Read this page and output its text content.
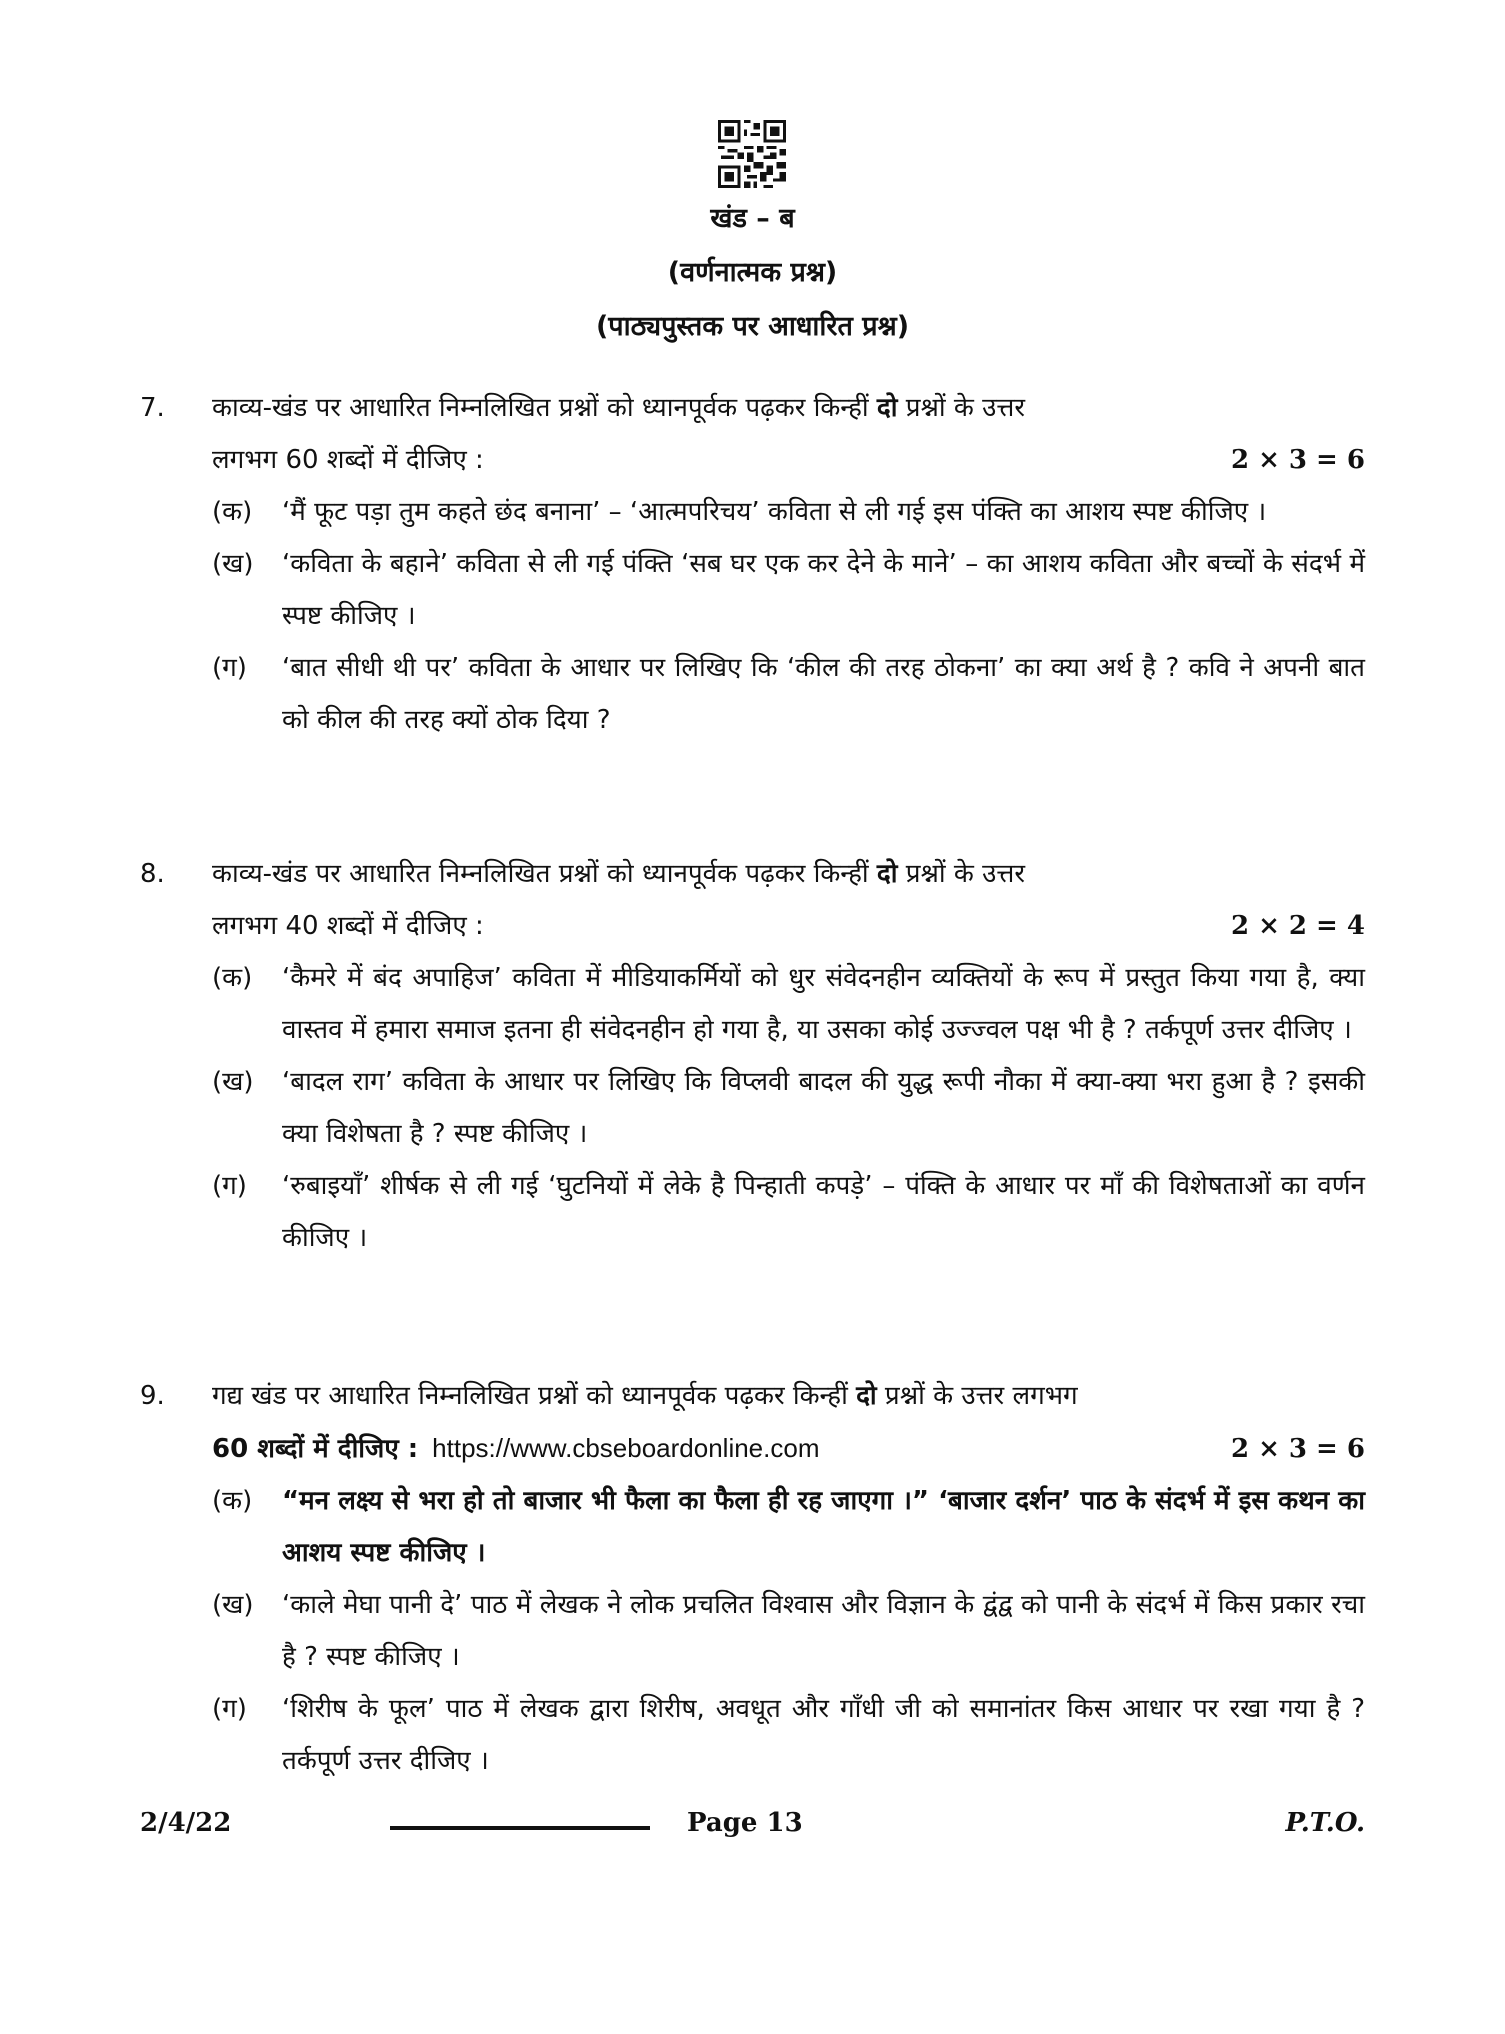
खंड – ब
(वर्णनात्मक प्रश्न)
(पाठ्यपुस्तक पर आधारित प्रश्न)
7. काव्य-खंड पर आधारित निम्नलिखित प्रश्नों को ध्यानपूर्वक पढ़कर किन्हीं दो प्रश्नों के उत्तर
लगभग 60 शब्दों में दीजिए :	2 × 3 = 6
(क) ‘मैं फूट पड़ा तुम कहते छंद बनाना’ – ‘आत्मपरिचय’ कविता से ली गई इस पंक्ति का आशय स्पष्ट कीजिए ।
(ख) ‘कविता के बहाने’ कविता से ली गई पंक्ति ‘सब घर एक कर देने के माने’ – का आशय कविता और बच्चों के संदर्भ में स्पष्ट कीजिए ।
(ग) ‘बात सीधी थी पर’ कविता के आधार पर लिखिए कि ‘कील की तरह ठोकना’ का क्या अर्थ है ? कवि ने अपनी बात को कील की तरह क्यों ठोक दिया ?
8. काव्य-खंड पर आधारित निम्नलिखित प्रश्नों को ध्यानपूर्वक पढ़कर किन्हीं दो प्रश्नों के उत्तर
लगभग 40 शब्दों में दीजिए :	2 × 2 = 4
(क) ‘कैमरे में बंद अपाहिज’ कविता में मीडियाकर्मियों को धुर संवेदनहीन व्यक्तियों के रूप में प्रस्तुत किया गया है, क्या वास्तव में हमारा समाज इतना ही संवेदनहीन हो गया है, या उसका कोई उज्ज्वल पक्ष भी है ? तर्कपूर्ण उत्तर दीजिए ।
(ख) ‘बादल राग’ कविता के आधार पर लिखिए कि विप्लवी बादल की युद्ध रूपी नौका में क्या-क्या भरा हुआ है ? इसकी क्या विशेषता है ? स्पष्ट कीजिए ।
(ग) ‘रुबाइयाँ’ शीर्षक से ली गई ‘घुटनियों में लेके है पिन्हाती कपड़े’ – पंक्ति के आधार पर माँ की विशेषताओं का वर्णन कीजिए ।
9. गद्य खंड पर आधारित निम्नलिखित प्रश्नों को ध्यानपूर्वक पढ़कर किन्हीं दो प्रश्नों के उत्तर लगभग
60 शब्दों में दीजिए : https://www.cbseboardonline.com	2 × 3 = 6
(क) “मन लक्ष्य से भरा हो तो बाजार भी फैला का फैला ही रह जाएगा ।” ‘बाजार दर्शन’ पाठ के संदर्भ में इस कथन का आशय स्पष्ट कीजिए ।
(ख) ‘काले मेघा पानी दे’ पाठ में लेखक ने लोक प्रचलित विश्वास और विज्ञान के द्वंद्व को पानी के संदर्भ में किस प्रकार रचा है ? स्पष्ट कीजिए ।
(ग) ‘शिरीष के फूल’ पाठ में लेखक द्वारा शिरीष, अवधूत और गाँधी जी को समानांतर किस आधार पर रखा गया है ? तर्कपूर्ण उत्तर दीजिए ।
2/4/22	Page 13	P.T.O.
